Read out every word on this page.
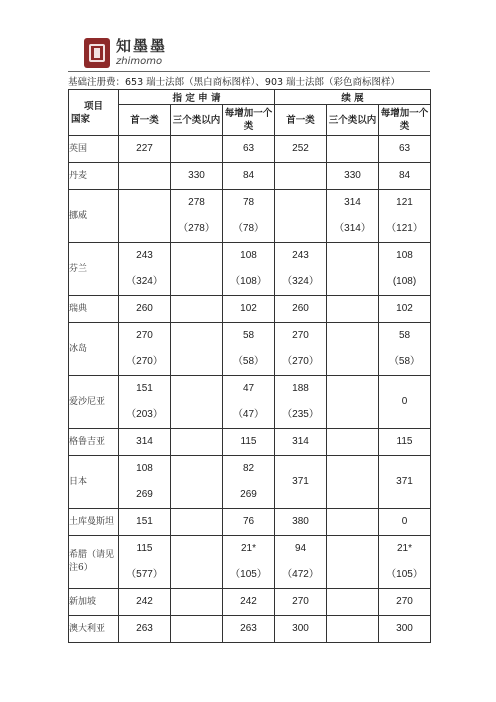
知墨墨
zhimomo
基础注册费：653 瑞士法郎（黑白商标图样）、903 瑞士法郎（彩色商标图样）
项目
国家	指 定 申 请			续 展		
	首一类	三个类以内	每增加一个类	首一类	三个类以内	每增加一个类
英国	227		63	252		63

丹麦		330	84		330	84

挪威		278
（278）	78
（78）		314
（314）	121
（121）

芬兰	243
（324）		108
（108）	243
（324）		108
(108)

瑞典	260		102	260		102

冰岛	270
（270）		58
（58）	270
（270）		58
（58）

爱沙尼亚	151
（203）		47
（47）	188
（235）		0

格鲁吉亚	314		115	314		115

日本	108
269		82
269	371		371

土库曼斯坦	151		76	380		0

希腊（请见注6）	115
（577）		21*
（105）	94
（472）		21*
（105）

新加坡	242		242	270		270

澳大利亚	263		263	300		300
